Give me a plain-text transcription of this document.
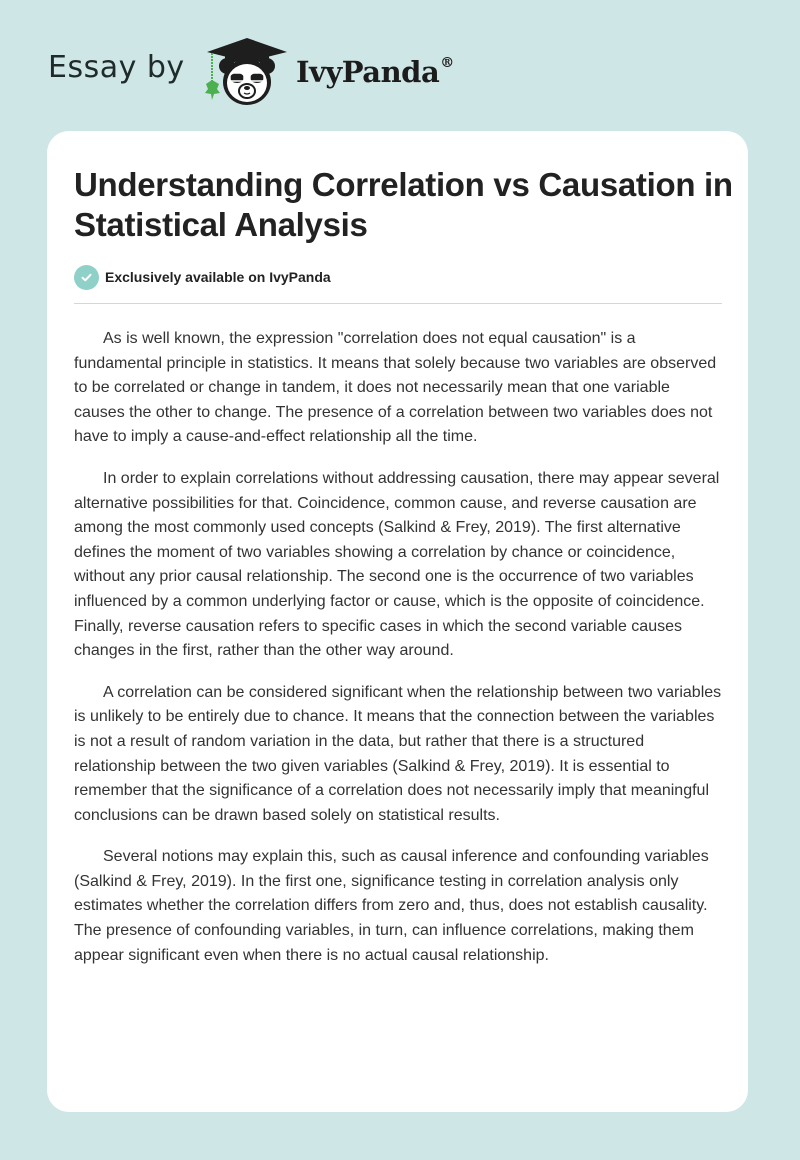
Essay by	IvyPanda®
Understanding Correlation vs Causation in Statistical Analysis
Exclusively available on IvyPanda

As is well known, the expression "correlation does not equal causation" is a fundamental principle in statistics. It means that solely because two variables are observed to be correlated or change in tandem, it does not necessarily mean that one variable causes the other to change. The presence of a correlation between two variables does not have to imply a cause-and-effect relationship all the time.

In order to explain correlations without addressing causation, there may appear several alternative possibilities for that. Coincidence, common cause, and reverse causation are among the most commonly used concepts (Salkind & Frey, 2019). The first alternative defines the moment of two variables showing a correlation by chance or coincidence, without any prior causal relationship. The second one is the occurrence of two variables influenced by a common underlying factor or cause, which is the opposite of coincidence. Finally, reverse causation refers to specific cases in which the second variable causes changes in the first, rather than the other way around.

A correlation can be considered significant when the relationship between two variables is unlikely to be entirely due to chance. It means that the connection between the variables is not a result of random variation in the data, but rather that there is a structured relationship between the two given variables (Salkind & Frey, 2019). It is essential to remember that the significance of a correlation does not necessarily imply that meaningful conclusions can be drawn based solely on statistical results.

Several notions may explain this, such as causal inference and confounding variables (Salkind & Frey, 2019). In the first one, significance testing in correlation analysis only estimates whether the correlation differs from zero and, thus, does not establish causality. The presence of confounding variables, in turn, can influence correlations, making them appear significant even when there is no actual causal relationship.
